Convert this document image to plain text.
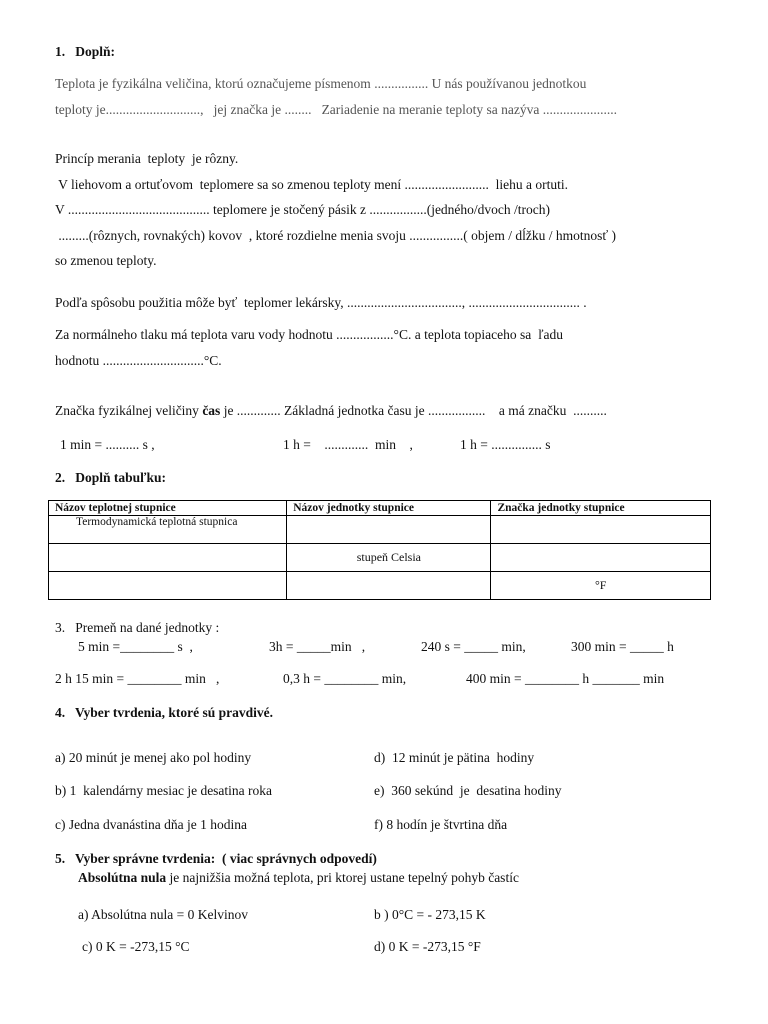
1.   Doplň:
Teplota je fyzikálna veličina, ktorú označujeme písmenom ................ U nás používanou jednotkou
teploty je............................,   jej značka je ........   Zariadenie na meranie teploty sa nazýva ......................
Princíp merania  teploty  je rôzny.
V liehovom a ortuťovom  teplomere sa so zmenou teploty mení .........................  liehu a ortuti.
V .......................................... teplomere je stočený pásik z .................(jedného/dvoch /troch)
.........(rôznych, rovnakých) kovov  , ktoré rozdielne menia svoju ................( objem / dĺžku / hmotnosť )
so zmenou teploty.
Podľa spôsobu použitia môže byť  teplomer lekársky, .................................., ................................. .
Za normálneho tlaku má teplota varu vody hodnotu .................°C. a teplota topiaceho sa  ľadu
hodnotu ..............................°C.
Značka fyzikálnej veličiny čas je ............. Základná jednotka času je .................    a má značku  ..........
1 min = .......... s ,	1 h =    .............  min    ,	1 h = ............... s
2.   Doplň tabuľku:
Názov teplotnej stupnice	Názov jednotky stupnice	Značka jednotky stupnice
Termodynamická teplotná stupnica		
	stupeň Celsia	
		°F
3.   Premeň na dané jednotky :
5 min =________ s  ,	3h = _____min   ,	240 s = _____ min,	300 min = _____ h
2 h 15 min = ________ min   ,	0,3 h = ________ min,	400 min = ________ h _______ min
4.   Vyber tvrdenia, ktoré sú pravdivé.
a) 20 minút je menej ako pol hodiny
b) 1  kalendárny mesiac je desatina roka
c) Jedna dvanástina dňa je 1 hodina
d)  12 minút je pätina  hodiny
e)  360 sekúnd  je  desatina hodiny
f) 8 hodín je štvrtina dňa
5.   Vyber správne tvrdenia:  ( viac správnych odpovedí)
Absolútna nula je najnižšia možná teplota, pri ktorej ustane tepelný pohyb častíc
a) Absolútna nula = 0 Kelvinov	b ) 0°C = - 273,15 K
c) 0 K = -273,15 °C	d) 0 K = -273,15 °F
